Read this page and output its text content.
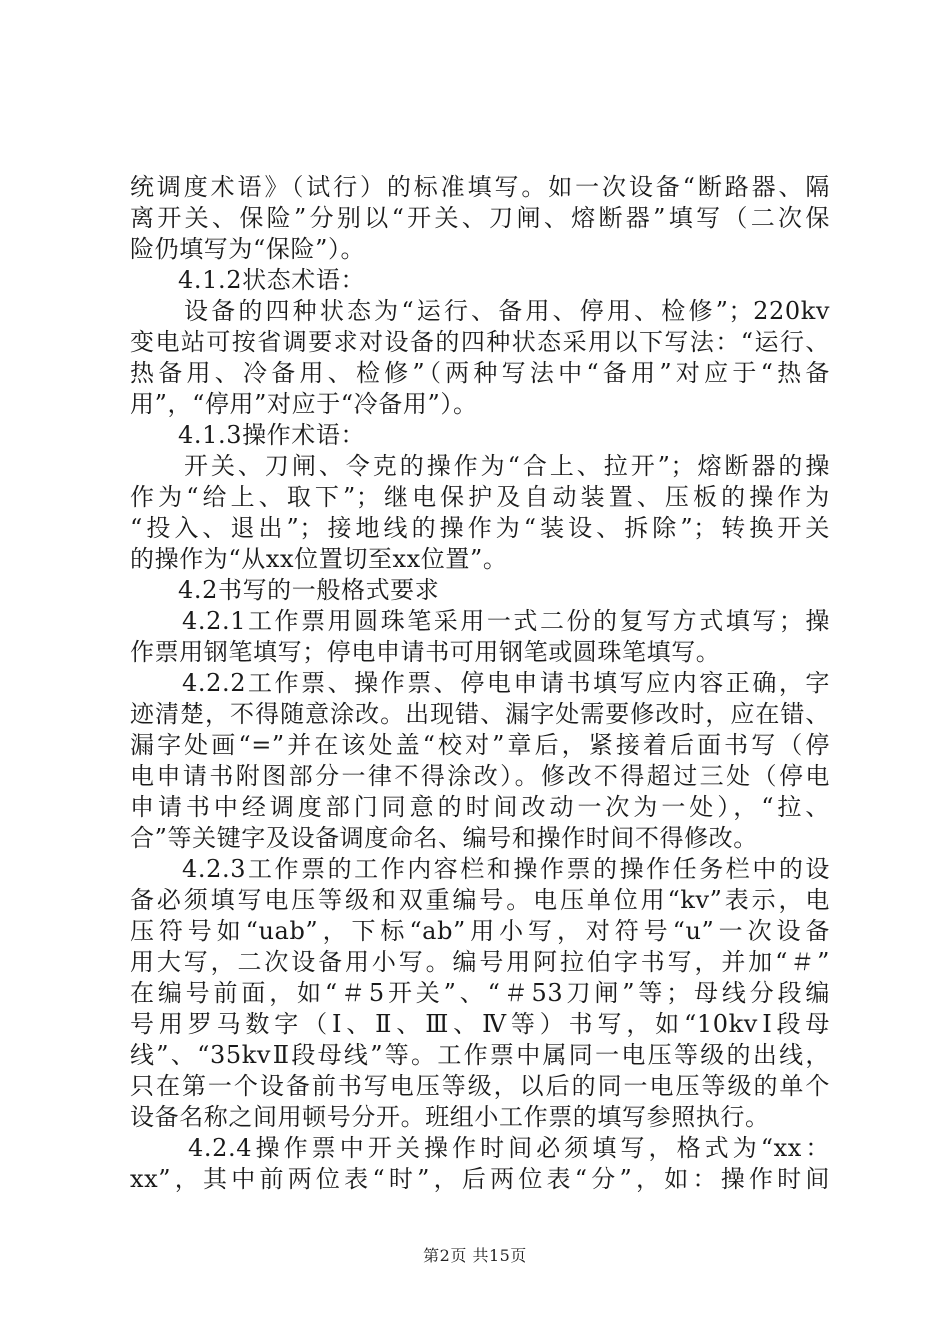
统调度术语》（试行）的标准填写。如一次设备“断路器、隔
离开关、保险”分别以“开关、刀闸、熔断器”填写（二次保
险仍填写为“保险”）。
4.1.2状态术语：
设备的四种状态为“运行、备用、停用、检修”；220kv
变电站可按省调要求对设备的四种状态采用以下写法：“运行、
热备用、冷备用、检修”（两种写法中“备用”对应于“热备
用”，“停用”对应于“冷备用”）。
4.1.3操作术语：
开关、刀闸、令克的操作为“合上、拉开”；熔断器的操
作为“给上、取下”；继电保护及自动装置、压板的操作为
“投入、退出”；接地线的操作为“装设、拆除”；转换开关
的操作为“从xx位置切至xx位置”。
4.2书写的一般格式要求
4.2.1工作票用圆珠笔采用一式二份的复写方式填写；操
作票用钢笔填写；停电申请书可用钢笔或圆珠笔填写。
4.2.2工作票、操作票、停电申请书填写应内容正确，字
迹清楚，不得随意涂改。出现错、漏字处需要修改时，应在错、
漏字处画“=”并在该处盖“校对”章后，紧接着后面书写（停
电申请书附图部分一律不得涂改）。修改不得超过三处（停电
申请书中经调度部门同意的时间改动一次为一处），“拉、
合”等关键字及设备调度命名、编号和操作时间不得修改。
4.2.3工作票的工作内容栏和操作票的操作任务栏中的设
备必须填写电压等级和双重编号。电压单位用“kv”表示，电
压符号如“uab”，下标“ab”用小写，对符号“u”一次设备
用大写，二次设备用小写。编号用阿拉伯字书写，并加“＃”
在编号前面，如“＃5开关”、“＃53刀闸”等；母线分段编
号用罗马数字（Ⅰ、Ⅱ、Ⅲ、Ⅳ等）书写，如“10kvⅠ段母
线”、“35kvⅡ段母线”等。工作票中属同一电压等级的出线，
只在第一个设备前书写电压等级，以后的同一电压等级的单个
设备名称之间用顿号分开。班组小工作票的填写参照执行。
4.2.4操作票中开关操作时间必须填写，格式为“xx：
xx”，其中前两位表“时”，后两位表“分”，如：操作时间
第2页 共15页
